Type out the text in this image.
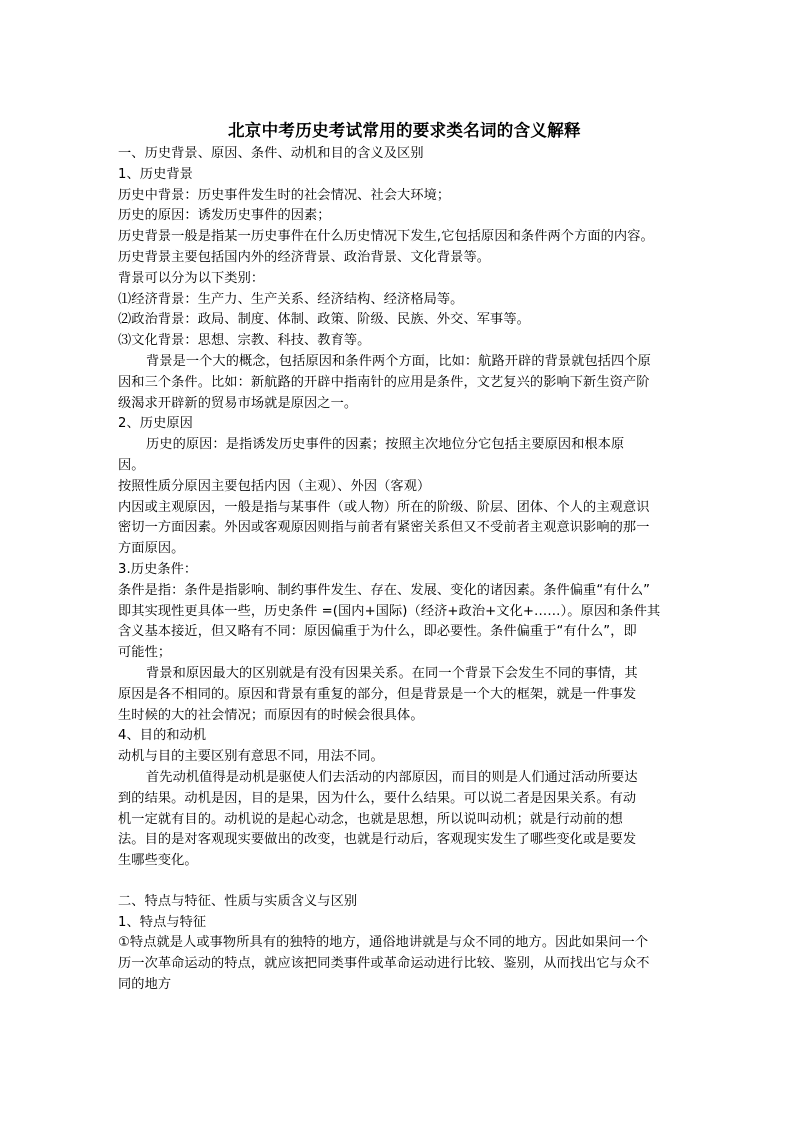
北京中考历史考试常用的要求类名词的含义解释
一、历史背景、原因、条件、动机和目的含义及区别
1、历史背景
历史中背景：历史事件发生时的社会情况、社会大环境；
历史的原因：诱发历史事件的因素；
历史背景一般是指某一历史事件在什么历史情况下发生,它包括原因和条件两个方面的内容。
历史背景主要包括国内外的经济背景、政治背景、文化背景等。
背景可以分为以下类别：
⑴经济背景：生产力、生产关系、经济结构、经济格局等。
⑵政治背景：政局、制度、体制、政策、阶级、民族、外交、军事等。
⑶文化背景：思想、宗教、科技、教育等。
背景是一个大的概念，包括原因和条件两个方面，比如：航路开辟的背景就包括四个原
因和三个条件。比如：新航路的开辟中指南针的应用是条件，文艺复兴的影响下新生资产阶
级渴求开辟新的贸易市场就是原因之一。
2、历史原因
历史的原因：是指诱发历史事件的因素；按照主次地位分它包括主要原因和根本原
因。
按照性质分原因主要包括内因（主观）、外因（客观）
内因或主观原因，一般是指与某事件（或人物）所在的阶级、阶层、团体、个人的主观意识
密切一方面因素。外因或客观原因则指与前者有紧密关系但又不受前者主观意识影响的那一
方面原因。
3.历史条件：
条件是指：条件是指影响、制约事件发生、存在、发展、变化的诸因素。条件偏重“有什么”
即其实现性更具体一些，历史条件 =(国内+国际)（经济+政治+文化+……）。原因和条件其
含义基本接近，但又略有不同：原因偏重于为什么，即必要性。条件偏重于“有什么”，即
可能性；
背景和原因最大的区别就是有没有因果关系。在同一个背景下会发生不同的事情，其
原因是各不相同的。原因和背景有重复的部分，但是背景是一个大的框架，就是一件事发
生时候的大的社会情况；而原因有的时候会很具体。
4、目的和动机
动机与目的主要区别有意思不同，用法不同。
首先动机值得是动机是驱使人们去活动的内部原因，而目的则是人们通过活动所要达
到的结果。动机是因，目的是果，因为什么，要什么结果。可以说二者是因果关系。有动
机一定就有目的。动机说的是起心动念，也就是思想，所以说叫动机；就是行动前的想
法。目的是对客观现实要做出的改变，也就是行动后，客观现实发生了哪些变化或是要发
生哪些变化。
二、特点与特征、性质与实质含义与区别
1、特点与特征
①特点就是人或事物所具有的独特的地方，通俗地讲就是与众不同的地方。因此如果问一个
历一次革命运动的特点，就应该把同类事件或革命运动进行比较、鉴别，从而找出它与众不
同的地方
